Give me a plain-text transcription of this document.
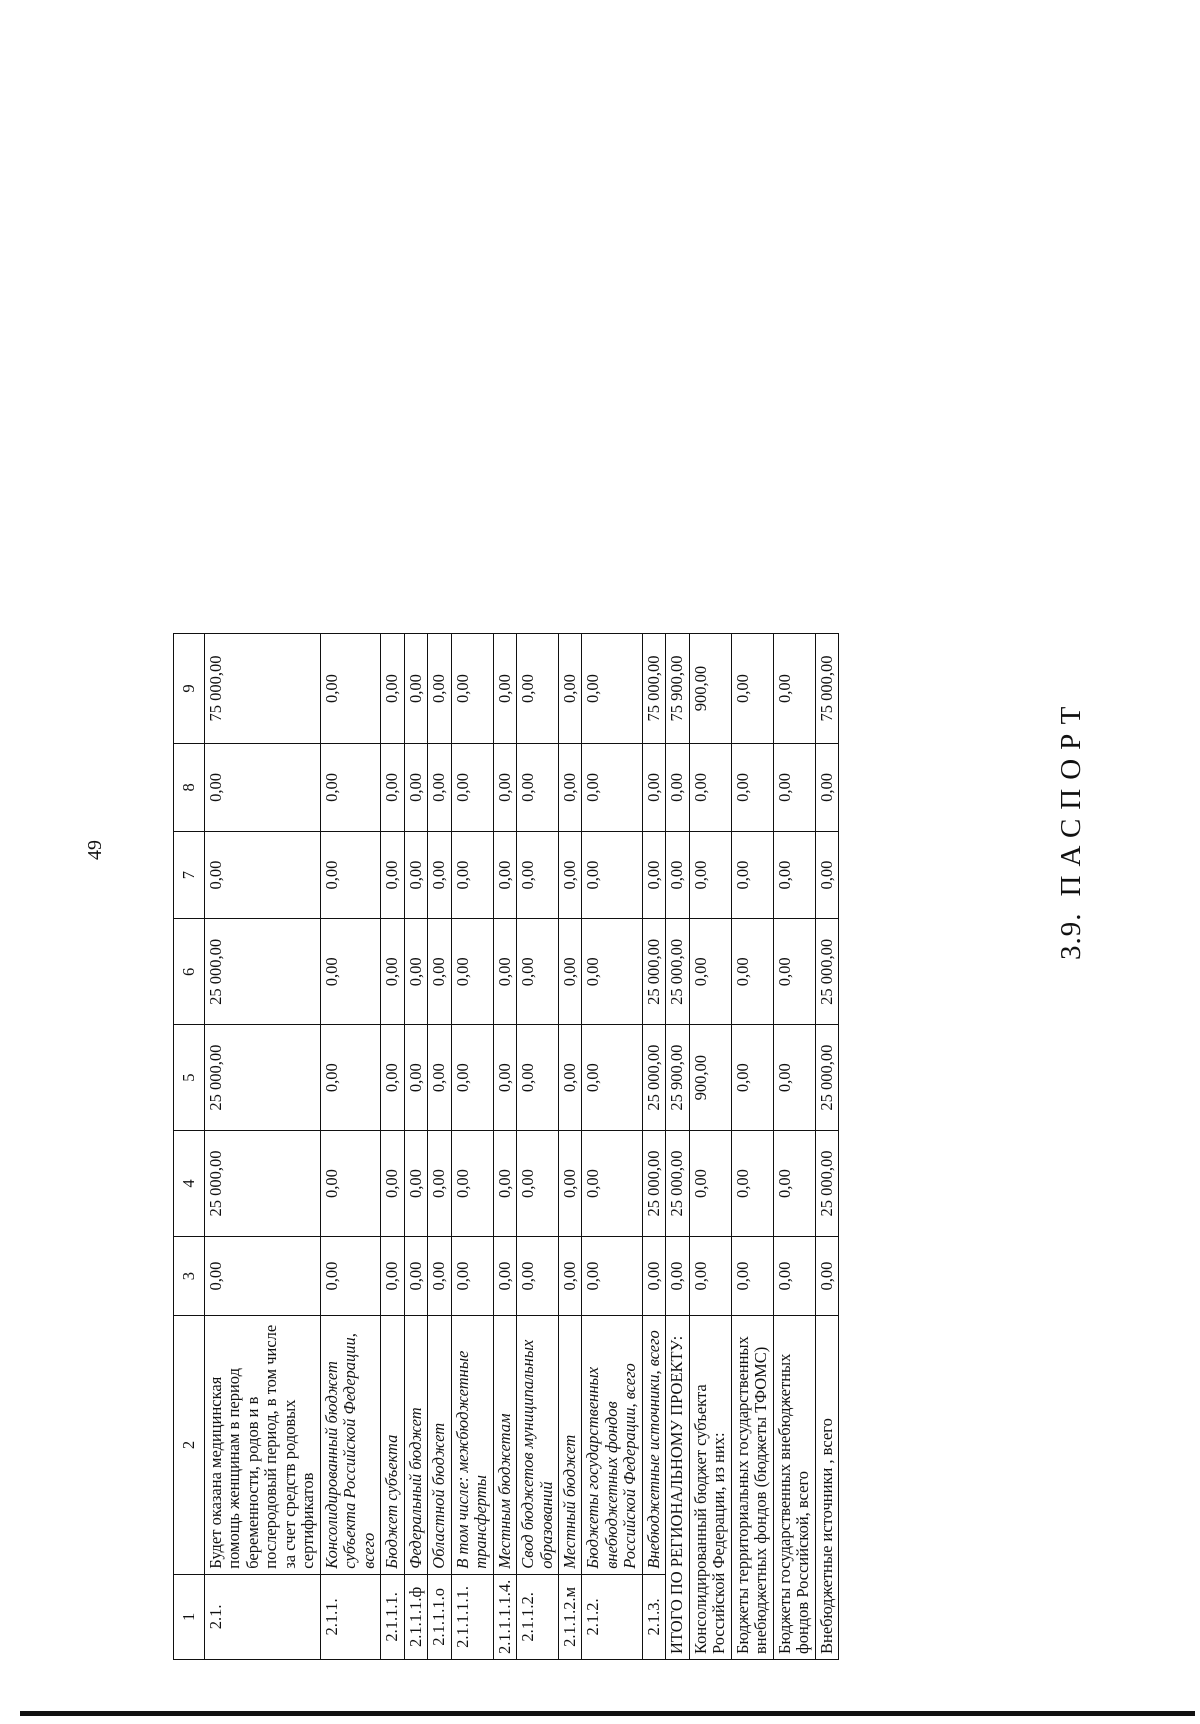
49
1	2	3	4	5	6	7	8	9
2.1.	Будет оказана медицинская помощь женщинам в период беременности, родов и в послеродовый период, в том числе за счет средств родовых сертификатов	0,00	25 000,00	25 000,00	25 000,00	0,00	0,00	75 000,00
2.1.1.	Консолидированный бюджет субъекта Российской Федерации, всего	0,00	0,00	0,00	0,00	0,00	0,00	0,00
2.1.1.1.	Бюджет субъекта	0,00	0,00	0,00	0,00	0,00	0,00	0,00
2.1.1.1.ф	Федеральный бюджет	0,00	0,00	0,00	0,00	0,00	0,00	0,00
2.1.1.1.о	Областной бюджет	0,00	0,00	0,00	0,00	0,00	0,00	0,00
2.1.1.1.1.	В том числе: межбюджетные трансферты	0,00	0,00	0,00	0,00	0,00	0,00	0,00
2.1.1.1.1.4.	Местным бюджетам	0,00	0,00	0,00	0,00	0,00	0,00	0,00
2.1.1.2.	Свод бюджетов муниципальных образований	0,00	0,00	0,00	0,00	0,00	0,00	0,00
2.1.1.2.м	Местный бюджет	0,00	0,00	0,00	0,00	0,00	0,00	0,00
2.1.2.	Бюджеты государственных внебюджетных фондов Российской Федерации, всего	0,00	0,00	0,00	0,00	0,00	0,00	0,00
2.1.3.	Внебюджетные источники, всего	0,00	25 000,00	25 000,00	25 000,00	0,00	0,00	75 000,00
ИТОГО ПО РЕГИОНАЛЬНОМУ ПРОЕКТУ:		0,00	25 000,00	25 900,00	25 000,00	0,00	0,00	75 900,00
Консолидированный бюджет субъекта Российской Федерации, из них:		0,00	0,00	900,00	0,00	0,00	0,00	900,00
Бюджеты территориальных государственных внебюджетных фондов (бюджеты ТФОМС)		0,00	0,00	0,00	0,00	0,00	0,00	0,00
Бюджеты государственных внебюджетных фондов Российской, всего		0,00	0,00	0,00	0,00	0,00	0,00	0,00
Внебюджетные источники , всего		0,00	25 000,00	25 000,00	25 000,00	0,00	0,00	75 000,00
3.9.ПАСПОРТ
